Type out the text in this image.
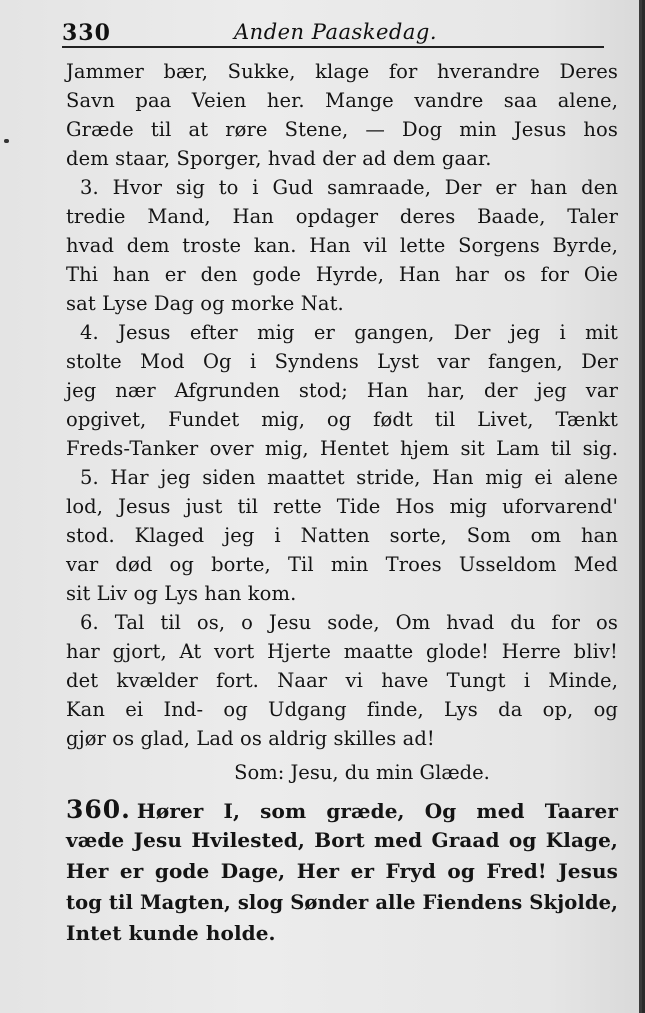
330	Anden Paaskedag.
Jammer bær, Sukke, klage for hverandre Deres
Savn paa Veien her. Mange vandre saa alene,
Græde til at røre Stene, — Dog min Jesus hos
dem staar, Sporger, hvad der ad dem gaar.
3. Hvor sig to i Gud samraade, Der er han den
tredie Mand, Han opdager deres Baade, Taler
hvad dem troste kan. Han vil lette Sorgens Byrde,
Thi han er den gode Hyrde, Han har os for Oie
sat Lyse Dag og morke Nat.
4. Jesus efter mig er gangen, Der jeg i mit
stolte Mod Og i Syndens Lyst var fangen, Der
jeg nær Afgrunden stod; Han har, der jeg var
opgivet, Fundet mig, og født til Livet, Tænkt
Freds-Tanker over mig, Hentet hjem sit Lam til sig.
5. Har jeg siden maattet stride, Han mig ei alene
lod, Jesus just til rette Tide Hos mig uforvarend'
stod. Klaged jeg i Natten sorte, Som om han
var død og borte, Til min Troes Usseldom Med
sit Liv og Lys han kom.
6. Tal til os, o Jesu sode, Om hvad du for os
har gjort, At vort Hjerte maatte glode! Herre bliv!
det kvælder fort. Naar vi have Tungt i Minde,
Kan ei Ind- og Udgang finde, Lys da op, og
gjør os glad, Lad os aldrig skilles ad!
Som: Jesu, du min Glæde.
360. Hører I, som græde, Og med Taarer
væde Jesu Hvilested, Bort med Graad og Klage,
Her er gode Dage, Her er Fryd og Fred! Jesus
tog til Magten, slog Sønder alle Fiendens Skjolde,
Intet kunde holde.
